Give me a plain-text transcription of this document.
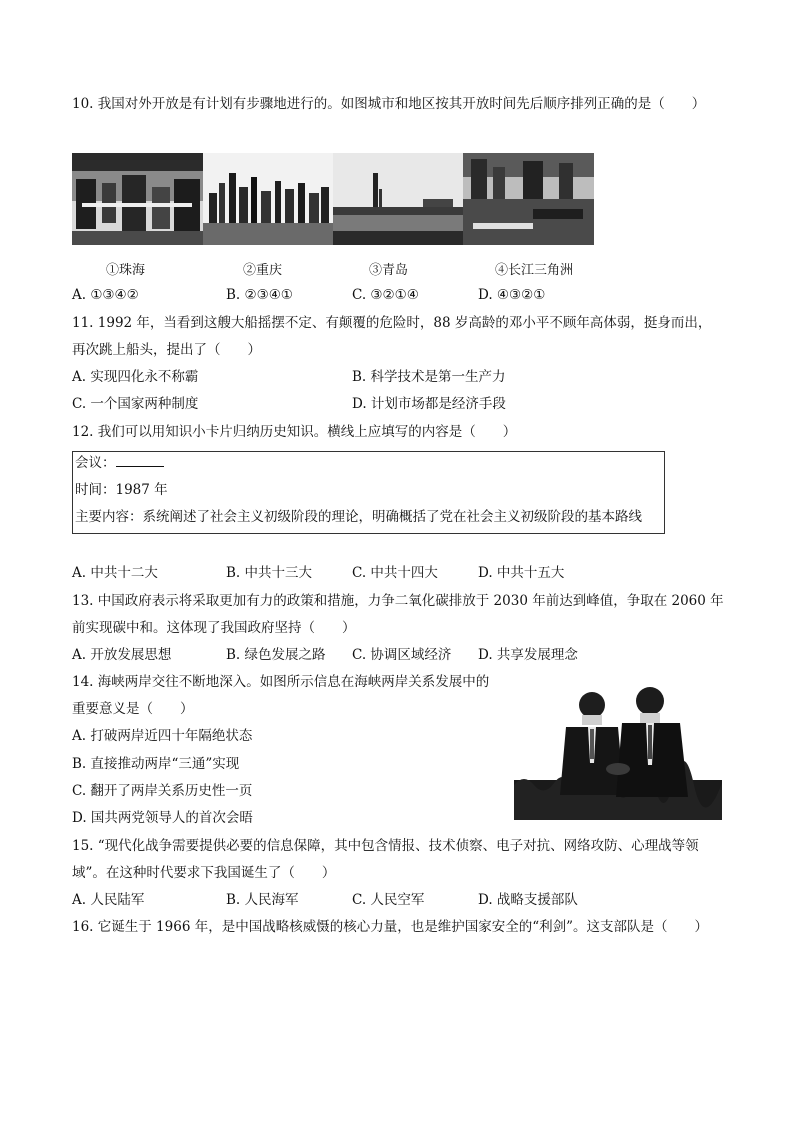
10. 我国对外开放是有计划有步骤地进行的。如图城市和地区按其开放时间先后顺序排列正确的是（　　）
①珠海	②重庆	③青岛	④长江三角洲
A. ①③④②	B. ②③④①	C. ③②①④	D. ④③②①
11. 1992 年，当看到这艘大船摇摆不定、有颠覆的危险时，88 岁高龄的邓小平不顾年高体弱，挺身而出，
再次跳上船头，提出了（　　）
A. 实现四化永不称霸	B. 科学技术是第一生产力
C. 一个国家两种制度	D. 计划市场都是经济手段
12. 我们可以用知识小卡片归纳历史知识。横线上应填写的内容是（　　）
会议：
时间：1987 年
主要内容：系统阐述了社会主义初级阶段的理论，明确概括了党在社会主义初级阶段的基本路线
A. 中共十二大	B. 中共十三大	C. 中共十四大	D. 中共十五大
13. 中国政府表示将采取更加有力的政策和措施，力争二氧化碳排放于 2030 年前达到峰值，争取在 2060 年
前实现碳中和。这体现了我国政府坚持（　　）
A. 开放发展思想	B. 绿色发展之路 C. 协调区域经济 D. 共享发展理念
14. 海峡两岸交往不断地深入。如图所示信息在海峡两岸关系发展中的
重要意义是（　　）
A. 打破两岸近四十年隔绝状态
B. 直接推动两岸“三通”实现
C. 翻开了两岸关系历史性一页
D. 国共两党领导人的首次会晤
15. “现代化战争需要提供必要的信息保障，其中包含情报、技术侦察、电子对抗、网络攻防、心理战等领
域”。在这种时代要求下我国诞生了（　　）
A. 人民陆军	B. 人民海军	C. 人民空军	D. 战略支援部队
16. 它诞生于 1966 年，是中国战略核威慑的核心力量，也是维护国家安全的“利剑”。这支部队是（　　）
